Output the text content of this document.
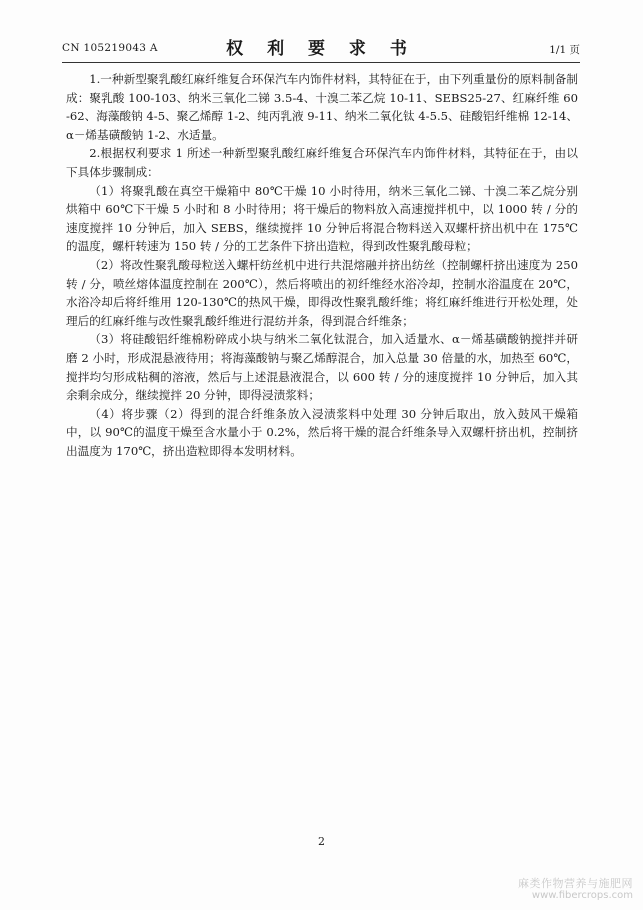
CN 105219043 A	权 利 要 求 书	1/1 页

1.一种新型聚乳酸红麻纤维复合环保汽车内饰件材料，其特征在于，由下列重量份的原料制备制成：聚乳酸 100-103、纳米三氧化二锑 3.5-4、十溴二苯乙烷 10-11、SEBS25-27、红麻纤维 60-62、海藻酸钠 4-5、聚乙烯醇 1-2、纯丙乳液 9-11、纳米二氧化钛 4-5.5、硅酸铝纤维棉 12-14、α－烯基磺酸钠 1-2、水适量。

2.根据权利要求 1 所述一种新型聚乳酸红麻纤维复合环保汽车内饰件材料，其特征在于，由以下具体步骤制成：

（1）将聚乳酸在真空干燥箱中 80℃干燥 10 小时待用，纳米三氧化二锑、十溴二苯乙烷分别烘箱中 60℃下干燥 5 小时和 8 小时待用；将干燥后的物料放入高速搅拌机中，以 1000 转 / 分的速度搅拌 10 分钟后，加入 SEBS，继续搅拌 10 分钟后将混合物料送入双螺杆挤出机中在 175℃的温度，螺杆转速为 150 转 / 分的工艺条件下挤出造粒，得到改性聚乳酸母粒；

（2）将改性聚乳酸母粒送入螺杆纺丝机中进行共混熔融并挤出纺丝（控制螺杆挤出速度为 250 转 / 分，喷丝熔体温度控制在 200℃），然后将喷出的初纤维经水浴冷却，控制水浴温度在 20℃，水浴冷却后将纤维用 120-130℃的热风干燥，即得改性聚乳酸纤维；将红麻纤维进行开松处理，处理后的红麻纤维与改性聚乳酸纤维进行混纺并条，得到混合纤维条；

（3）将硅酸铝纤维棉粉碎成小块与纳米二氧化钛混合，加入适量水、α－烯基磺酸钠搅拌并研磨 2 小时，形成混悬液待用；将海藻酸钠与聚乙烯醇混合，加入总量 30 倍量的水，加热至 60℃，搅拌均匀形成粘稠的溶液，然后与上述混悬液混合，以 600 转 / 分的速度搅拌 10 分钟后，加入其余剩余成分，继续搅拌 20 分钟，即得浸渍浆料；

（4）将步骤（2）得到的混合纤维条放入浸渍浆料中处理 30 分钟后取出，放入鼓风干燥箱中，以 90℃的温度干燥至含水量小于 0.2%，然后将干燥的混合纤维条导入双螺杆挤出机，控制挤出温度为 170℃，挤出造粒即得本发明材料。

2
麻类作物营养与施肥网
www.fibercrops.com
